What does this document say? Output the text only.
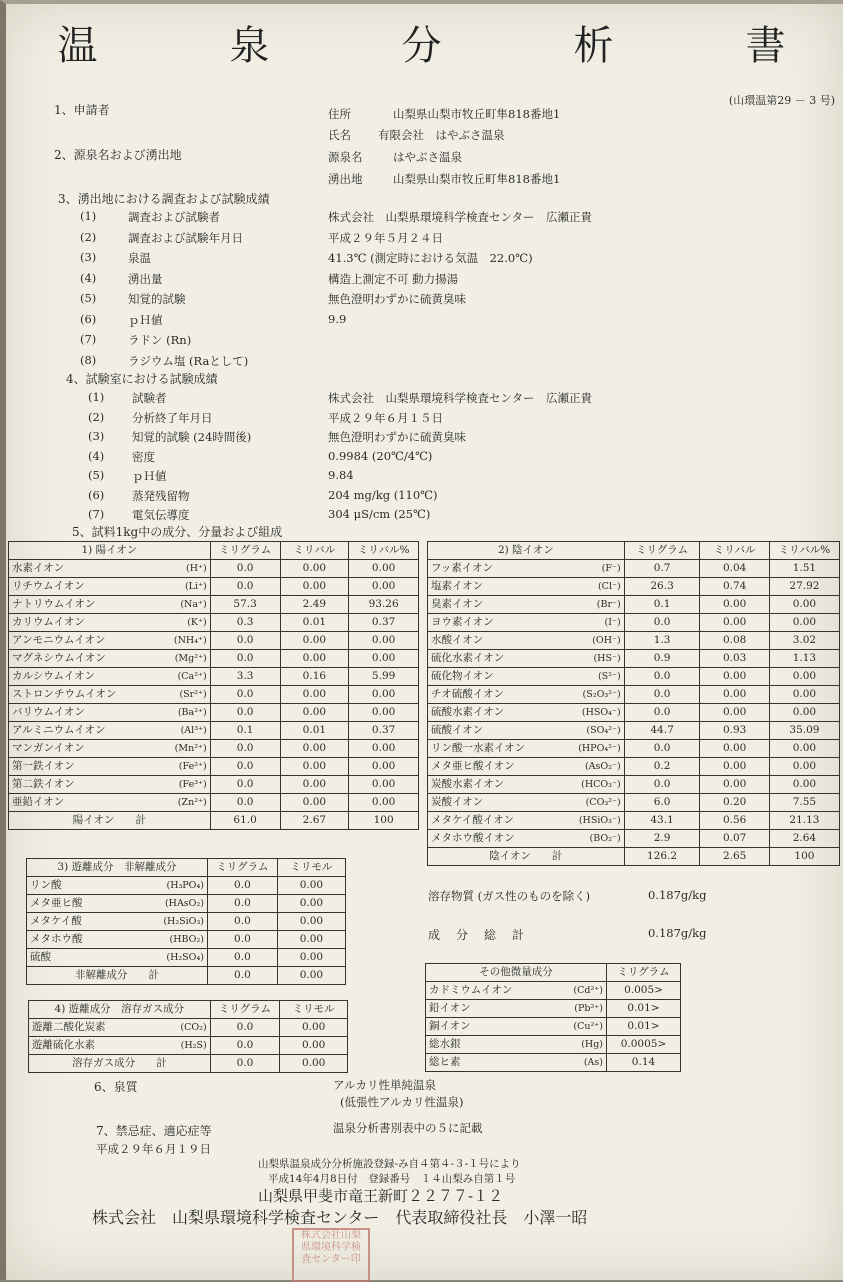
温　泉　分　析　書
(山環温第29 － 3 号)
1、申請者	住所	山梨県山梨市牧丘町隼818番地1
氏名 有限会社　はやぶさ温泉
2、源泉名および湧出地	源泉名	はやぶさ温泉
湧出地	山梨県山梨市牧丘町隼818番地1
3、湧出地における調査および試験成績
(1)	調査および試験者	株式会社　山梨県環境科学検査センター　広瀬正貴
(2)	調査および試験年月日	平成２９年５月２４日
(3)	泉温	41.3℃ (測定時における気温　22.0℃)
(4)	湧出量	構造上測定不可 動力揚湯
(5)	知覚的試験	無色澄明わずかに硫黄臭味
(6)	ｐＨ値	9.9
(7)	ラドン (Rn)
(8)	ラジウム塩 (Raとして)
4、試験室における試験成績
(1) 試験者	株式会社　山梨県環境科学検査センター　広瀬正貴
(2) 分析終了年月日	平成２９年６月１５日
(3) 知覚的試験 (24時間後)	無色澄明わずかに硫黄臭味
(4) 密度	0.9984 (20℃/4℃)
(5) ｐＨ値	9.84
(6) 蒸発残留物	204 mg/kg (110℃)
(7) 電気伝導度	304 μS/cm (25℃)
5、試料1kg中の成分、分量および組成
1) 陽イオン	ミリグラム	ミリバル	ミリバル%
水素イオン (H⁺)	0.0	0.00	0.00
リチウムイオン (Li⁺)	0.0	0.00	0.00
ナトリウムイオン (Na⁺)	57.3	2.49	93.26
カリウムイオン (K⁺)	0.3	0.01	0.37
アンモニウムイオン (NH₄⁺)	0.0	0.00	0.00
マグネシウムイオン (Mg²⁺)	0.0	0.00	0.00
カルシウムイオン (Ca²⁺)	3.3	0.16	5.99
ストロンチウムイオン (Sr²⁺)	0.0	0.00	0.00
バリウムイオン (Ba²⁺)	0.0	0.00	0.00
アルミニウムイオン (Al³⁺)	0.1	0.01	0.37
マンガンイオン (Mn²⁺)	0.0	0.00	0.00
第一鉄イオン (Fe²⁺)	0.0	0.00	0.00
第二鉄イオン (Fe³⁺)	0.0	0.00	0.00
亜鉛イオン (Zn²⁺)	0.0	0.00	0.00
陽イオン　　計	61.0	2.67	100
2) 陰イオン	ミリグラム	ミリバル	ミリバル%
フッ素イオン (F⁻)	0.7	0.04	1.51
塩素イオン (Cl⁻)	26.3	0.74	27.92
臭素イオン (Br⁻)	0.1	0.00	0.00
ヨウ素イオン (I⁻)	0.0	0.00	0.00
水酸イオン (OH⁻)	1.3	0.08	3.02
硫化水素イオン (HS⁻)	0.9	0.03	1.13
硫化物イオン (S²⁻)	0.0	0.00	0.00
チオ硫酸イオン (S₂O₃²⁻)	0.0	0.00	0.00
硫酸水素イオン (HSO₄⁻)	0.0	0.00	0.00
硫酸イオン (SO₄²⁻)	44.7	0.93	35.09
リン酸一水素イオン (HPO₄²⁻)	0.0	0.00	0.00
メタ亜ヒ酸イオン (AsO₂⁻)	0.2	0.00	0.00
炭酸水素イオン (HCO₃⁻)	0.0	0.00	0.00
炭酸イオン (CO₃²⁻)	6.0	0.20	7.55
メタケイ酸イオン (HSiO₃⁻)	43.1	0.56	21.13
メタホウ酸イオン (BO₂⁻)	2.9	0.07	2.64
陰イオン　　計	126.2	2.65	100
3) 遊離成分　非解離成分	ミリグラム	ミリモル
リン酸 (H₃PO₄)	0.0	0.00
メタ亜ヒ酸 (HAsO₂)	0.0	0.00
メタケイ酸 (H₂SiO₃)	0.0	0.00
メタホウ酸 (HBO₂)	0.0	0.00
硫酸 (H₂SO₄)	0.0	0.00
非解離成分　　計	0.0	0.00
4) 遊離成分　溶存ガス成分	ミリグラム	ミリモル
遊離二酸化炭素 (CO₂)	0.0	0.00
遊離硫化水素 (H₂S)	0.0	0.00
溶存ガス成分　　計	0.0	0.00
その他微量成分	ミリグラム
カドミウムイオン (Cd²⁺)	0.005>
鉛イオン (Pb²⁺)	0.01>
銅イオン (Cu²⁺)	0.01>
総水銀 (Hg)	0.0005>
総ヒ素 (As)	0.14
溶存物質 (ガス性のものを除く)	0.187g/kg
成　分　総　計	0.187g/kg
6、泉質	アルカリ性単純温泉
(低張性アルカリ性温泉)
7、禁忌症、適応症等	温泉分析書別表中の５に記載
平成２９年６月１９日
山梨県温泉成分分析施設登録-み自４第４-３-１号により
平成14年4月8日付　登録番号　１４山梨み自第１号
山梨県甲斐市竜王新町２２７７-１２
株式会社　山梨県環境科学検査センター　代表取締役社長　小澤一昭
株式会社山梨
県環境科学検
査センター印
